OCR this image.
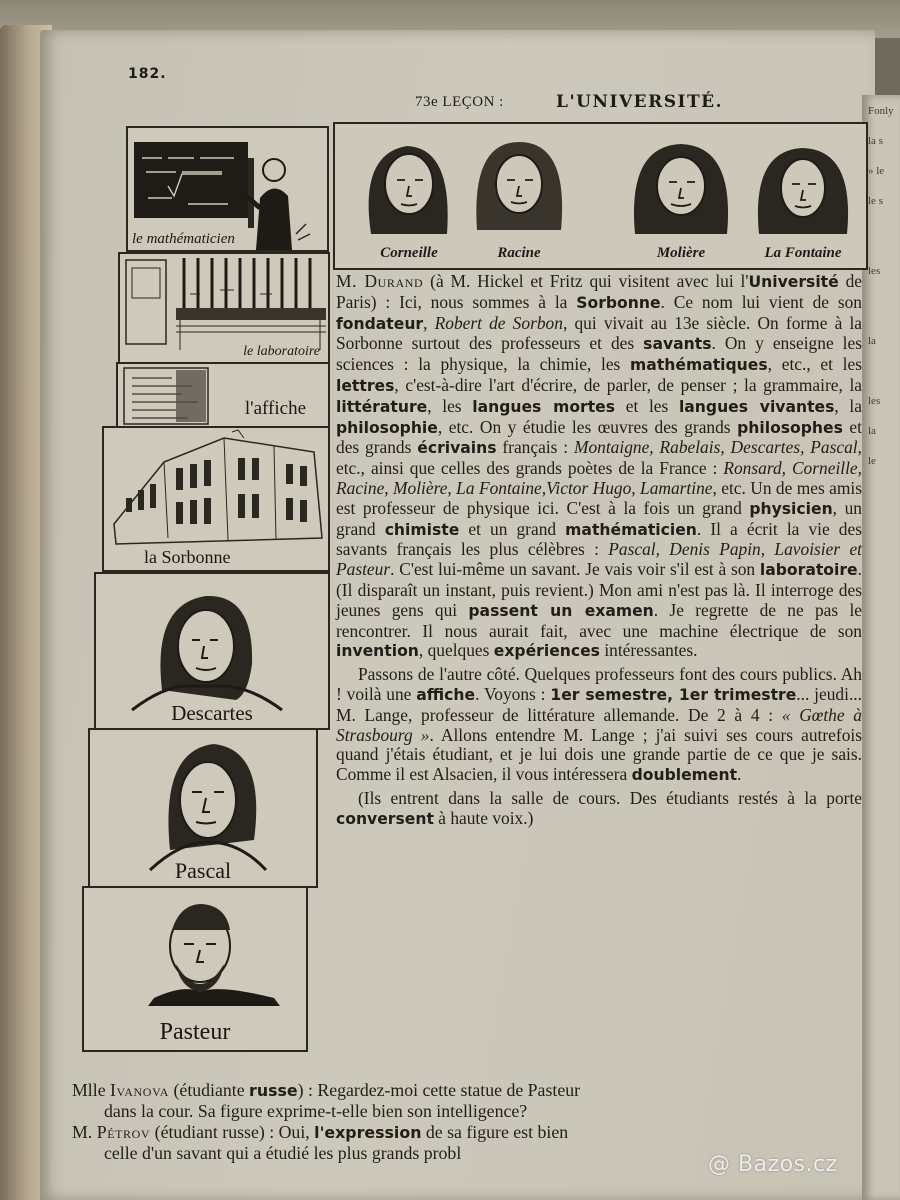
Fonly
la s
» le
le s
les
la
les
la
le
182.
73e LEÇON :	L'UNIVERSITÉ.
le mathématicien
le laboratoire
l'affiche
la Sorbonne
Descartes
Pascal
Pasteur
Corneille	Racine	Molière	La Fontaine

M. Durand (à M. Hickel et Fritz qui visitent avec lui l'Université de Paris) : Ici, nous sommes à la Sorbonne. Ce nom lui vient de son fondateur, Robert de Sorbon, qui vivait au 13e siècle. On forme à la Sorbonne surtout des professeurs et des savants. On y enseigne les sciences : la physique, la chimie, les mathématiques, etc., et les lettres, c'est-à-dire l'art d'écrire, de parler, de penser ; la grammaire, la littérature, les langues mortes et les langues vivantes, la philosophie, etc. On y étudie les œuvres des grands philosophes et des grands écrivains français : Montaigne, Rabelais, Descartes, Pascal, etc., ainsi que celles des grands poètes de la France : Ronsard, Corneille, Racine, Molière, La Fontaine,Victor Hugo, Lamartine, etc. Un de mes amis est professeur de physique ici. C'est à la fois un grand physicien, un grand chimiste et un grand mathématicien. Il a écrit la vie des savants français les plus célèbres : Pascal, Denis Papin, Lavoisier et Pasteur. C'est lui-même un savant. Je vais voir s'il est à son laboratoire. (Il disparaît un instant, puis revient.) Mon ami n'est pas là. Il interroge des jeunes gens qui passent un examen. Je regrette de ne pas le rencontrer. Il nous aurait fait, avec une machine électrique de son invention, quelques expériences intéressantes.

Passons de l'autre côté. Quelques professeurs font des cours publics. Ah ! voilà une affiche. Voyons : 1er semestre, 1er trimestre... jeudi... M. Lange, professeur de littérature allemande. De 2 à 4 : « Gœthe à Strasbourg ». Allons entendre M. Lange ; j'ai suivi ses cours autrefois quand j'étais étudiant, et je lui dois une grande partie de ce que je sais. Comme il est Alsacien, il vous intéressera doublement.

(Ils entrent dans la salle de cours. Des étudiants restés à la porte conversent à haute voix.)

Mlle Ivanova (étudiante russe) : Regardez-moi cette statue de Pasteur
dans la cour. Sa figure exprime-t-elle bien son intelligence?
M. Pétrov (étudiant russe) : Oui, l'expression de sa figure est bien
celle d'un savant qui a étudié les plus grands probl	@ Bazos.cz
